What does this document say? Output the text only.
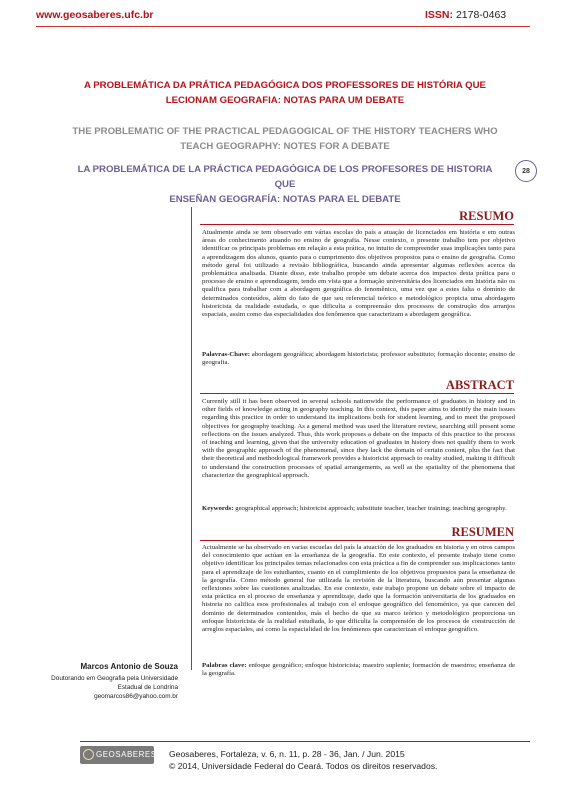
www.geosaberes.ufc.br	ISSN: 2178-0463
A PROBLEMÁTICA DA PRÁTICA PEDAGÓGICA DOS PROFESSORES DE HISTÓRIA QUE
LECIONAM GEOGRAFIA: NOTAS PARA UM DEBATE
THE PROBLEMATIC OF THE PRACTICAL PEDAGOGICAL OF THE HISTORY TEACHERS WHO
TEACH GEOGRAPHY: NOTES FOR A DEBATE
LA PROBLEMÁTICA DE LA PRÁCTICA PEDAGÓGICA DE LOS PROFESORES DE HISTORIA QUE
ENSEÑAN GEOGRAFÍA: NOTAS PARA EL DEBATE
28
RESUMO
Atualmente ainda se tem observado em várias escolas do país a atuação de licenciados em história e em outras áreas do conhecimento atuando no ensino de geografia. Nesse contexto, o presente trabalho tem por objetivo identificar os principais problemas em relação a esta prática, no intuito de compreender suas implicações tanto para a aprendizagem dos alunos, quanto para o cumprimento dos objetivos propostos para o ensino de geografia. Como método geral foi utilizado a revisão bibliográfica, buscando ainda apresentar algumas reflexões acerca da problemática analisada. Diante disso, este trabalho propõe um debate acerca dos impactos desta prática para o processo de ensino e aprendizagem, tendo em vista que a formação universitária dos licenciados em história não os qualifica para trabalhar com a abordagem geográfica do fenomênico, uma vez que a estes falta o domínio de determinados conteúdos, além do fato de que seu referencial teórico e metodológico propicia uma abordagem historicista da realidade estudada, o que dificulta a compreensão dos processos de construção dos arranjos espaciais, assim como das especialidades dos fenômenos que caracterizam a abordagem geográfica.
Palavras-Chave: abordagem geográfica; abordagem historicista; professor substituto; formação docente; ensino de geografia.
ABSTRACT
Currently still it has been observed in several schools nationwide the performance of graduates in history and in other fields of knowledge acting in geography teaching. In this context, this paper aims to identify the main issues regarding this practice in order to understand its implications both for student learning, and to meet the proposed objectives for geography teaching. As a general method was used the literature review, searching still present some reflections on the issues analyzed. Thus, this work proposes a debate on the impacts of this practice to the process of teaching and learning, given that the university education of graduates in history does not qualify them to work with the geographic approach of the phenomenal, since they lack the domain of certain content, plus the fact that their theoretical and methodological framework provides a historicist approach to reality studied, making it difficult to understand the construction processes of spatial arrangements, as well as the spatiality of the phenomena that characterize the geographical approach.
Keywords: geographical approach; historicist approach; substitute teacher, teacher training; teaching geography.
RESUMEN
Actualmente se ha observado en varias escuelas del país la atuación de los graduados en historia y en otros campos del conocimiento que actúan en la enseñanza de la geografía. En este contexto, el presente trabajo tiene como objetivo identificar los principales temas relacionados con esta práctica a fin de comprender sus implicaciones tanto para el aprendizaje de los estudiantes, cuanto en el cumplimiento de los objetivos propuestos para la enseñanza de la geografía. Como método general fue utilizada la revisión de la literatura, buscando aún presentar algunas reflexiones sobre las cuestiones analizadas. En ese contexto, este trabajo propone un debate sobre el impacto de esta práctica en el proceso de enseñanza y aprendizaje, dado que la formación universitaria de los graduados en historia no califica esos profesionales al trabajo con el enfoque geográfico del fenoménico, ya que carecen del dominio de determinados contenidos, más el hecho de que su marco teórico y metodológico proporciona un enfoque historicista de la realidad estudiada, lo que dificulta la comprensión de los procesos de construcción de arreglos espaciales, así como la espacialidad de los fenómenos que caracterizan el enfoque geográfico.
Palabras clave: enfoque geográfico; enfoque historicista; maestro suplente; formación de maestros; enseñanza de la geografía.
Marcos Antonio de Souza
Doutorando em Geografia pela Universidade
Estadual de Londrina
geomarcos86@yahoo.com.br
GEOSABERES Geosaberes, Fortaleza, v. 6, n. 11, p. 28 - 36, Jan. / Jun. 2015
© 2014, Universidade Federal do Ceará. Todos os direitos reservados.
